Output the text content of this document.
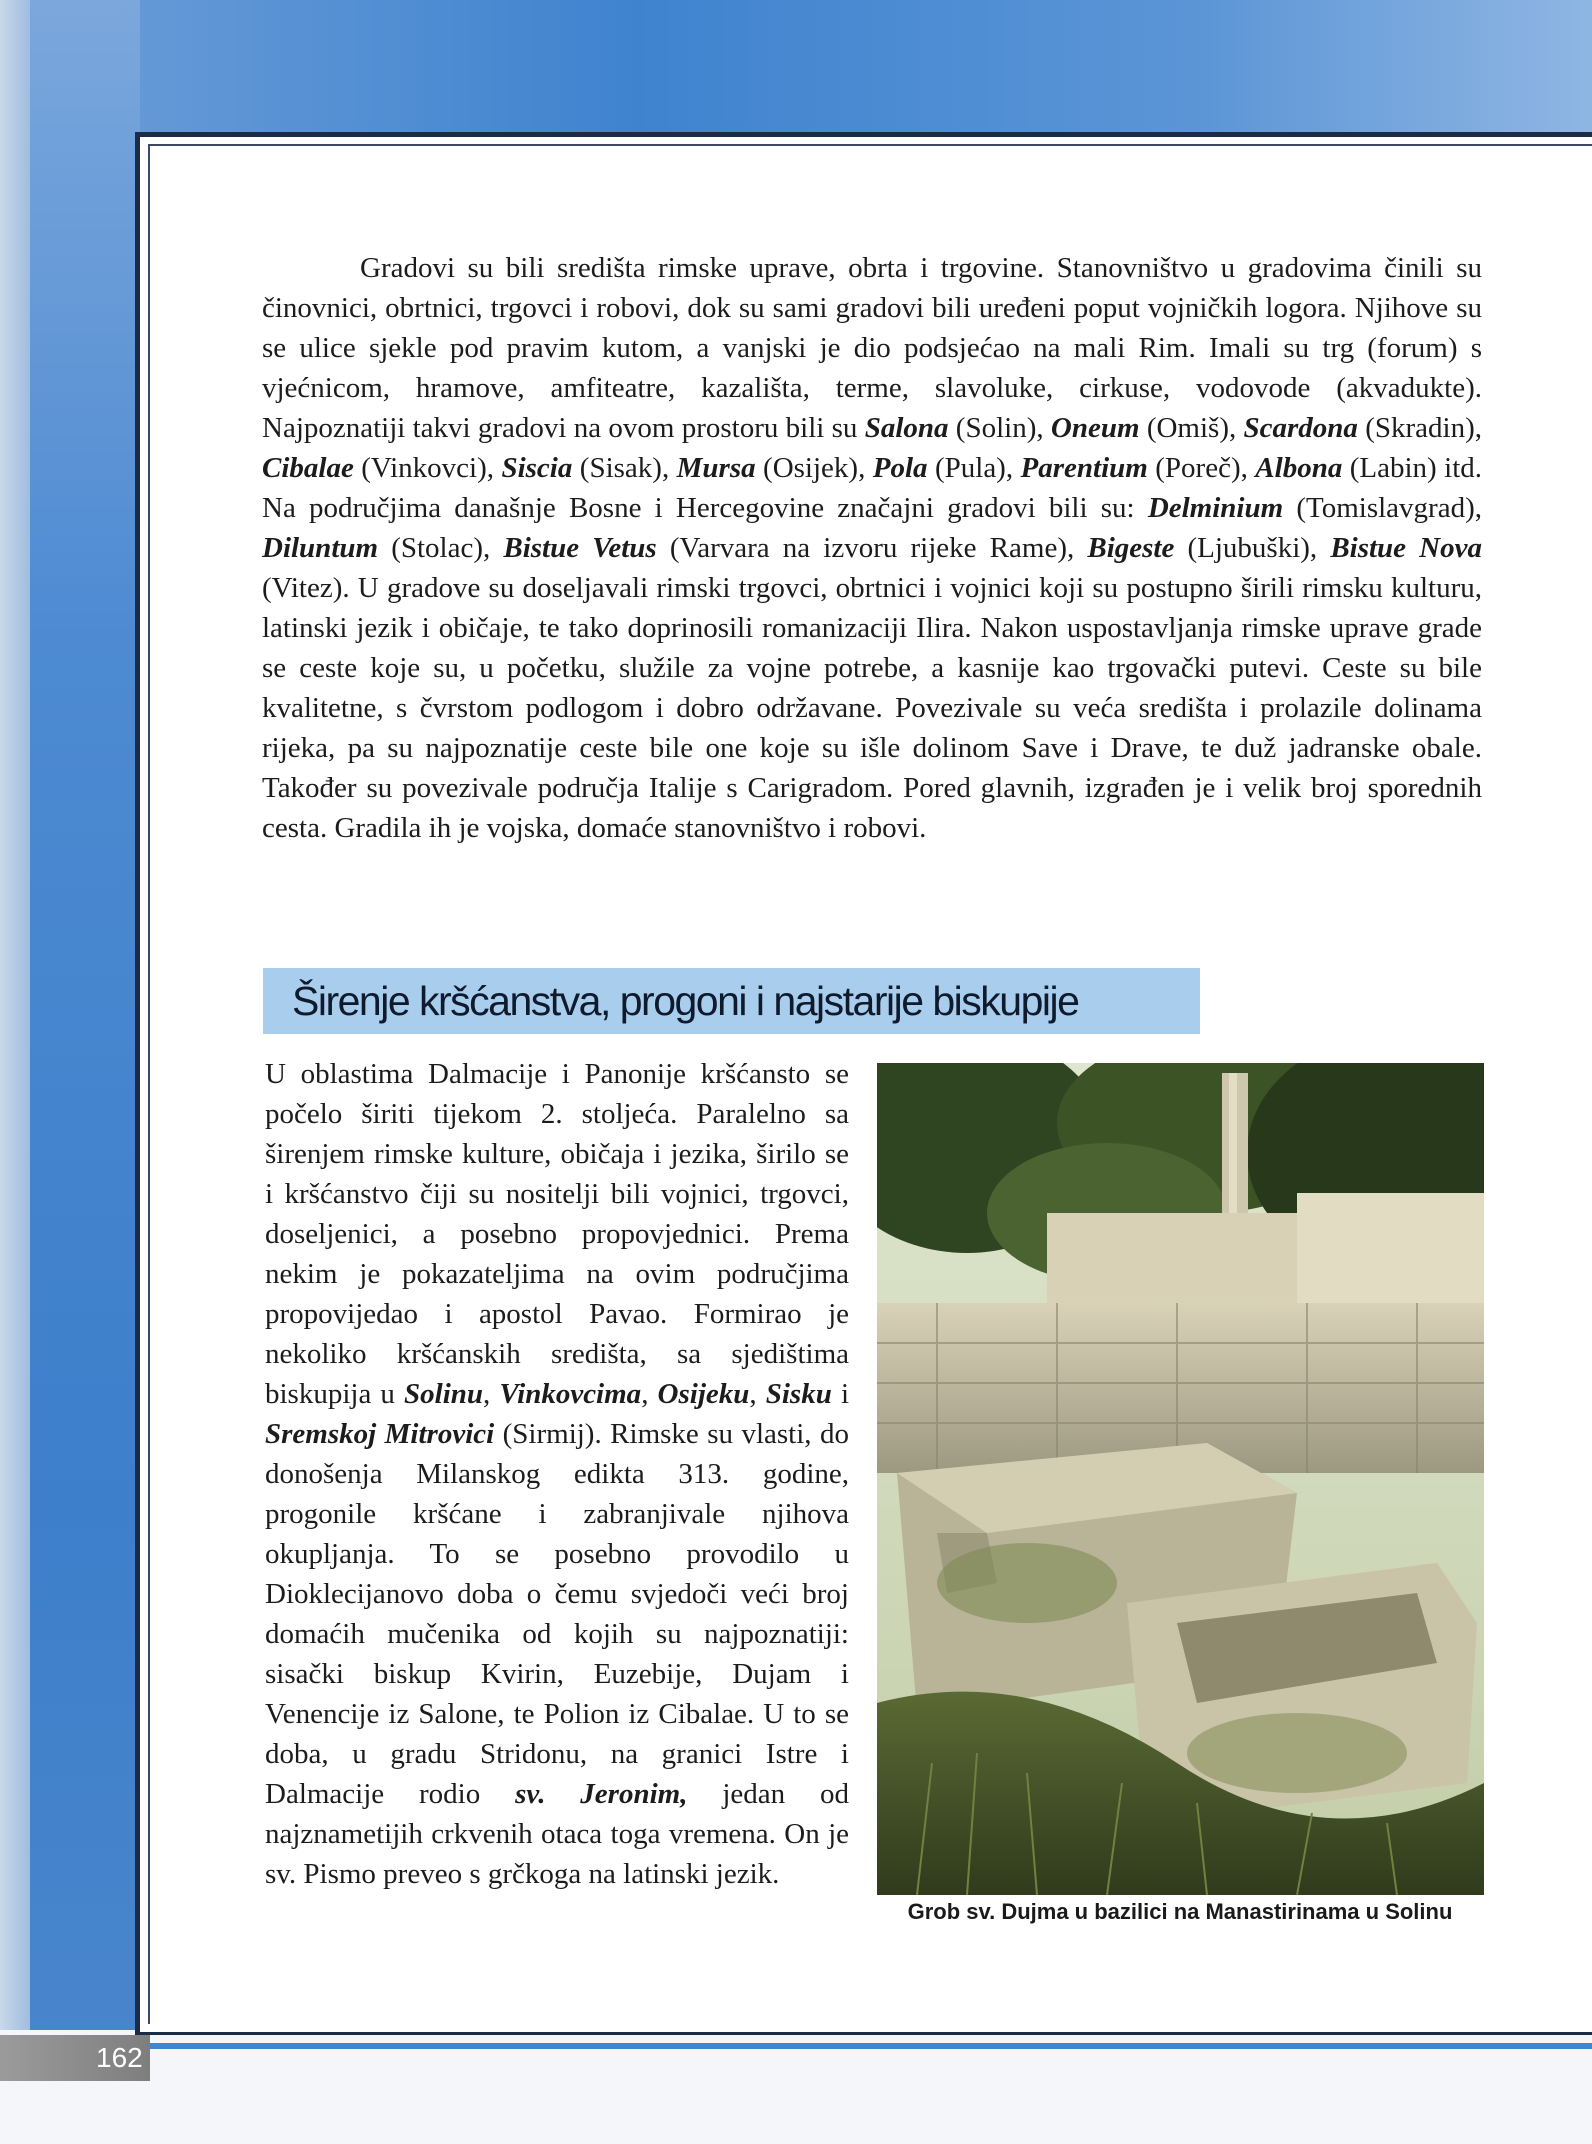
162

Gradovi su bili središta rimske uprave, obrta i trgovine. Stanovništvo u gradovima činili su činovnici, obrtnici, trgovci i robovi, dok su sami gradovi bili uređeni poput vojničkih logora. Njihove su se ulice sjekle pod pravim kutom, a vanjski je dio podsjećao na mali Rim. Imali su trg (forum) s vjećnicom, hramove, amfiteatre, kazališta, terme, slavoluke, cirkuse, vodovode (akvadukte). Najpoznatiji takvi gradovi na ovom prostoru bili su Salona (Solin), Oneum (Omiš), Scardona (Skradin), Cibalae (Vinkovci), Siscia (Sisak), Mursa (Osijek), Pola (Pula), Parentium (Poreč), Albona (Labin) itd. Na područjima današnje Bosne i Hercegovine značajni gradovi bili su: Delminium (Tomislavgrad), Diluntum (Stolac), Bistue Vetus (Varvara na izvoru rijeke Rame), Bigeste (Ljubuški), Bistue Nova (Vitez). U gradove su doseljavali rimski trgovci, obrtnici i vojnici koji su postupno širili rimsku kulturu, latinski jezik i običaje, te tako doprinosili romanizaciji Ilira. Nakon uspostavljanja rimske uprave grade se ceste koje su, u početku, služile za vojne potrebe, a kasnije kao trgovački putevi. Ceste su bile kvalitetne, s čvrstom podlogom i dobro održavane. Povezivale su veća središta i prolazile dolinama rijeka, pa su najpoznatije ceste bile one koje su išle dolinom Save i Drave, te duž jadranske obale. Također su povezivale područja Italije s Carigradom. Pored glavnih, izgrađen je i velik broj sporednih cesta. Gradila ih je vojska, domaće stanovništvo i robovi.

Širenje kršćanstva, progoni i najstarije biskupije

U oblastima Dalmacije i Panonije kršćansto se počelo širiti tijekom 2. stoljeća. Paralelno sa širenjem rimske kulture, običaja i jezika, širilo se i kršćanstvo čiji su nositelji bili vojnici, trgovci, doseljenici, a posebno propovjednici. Prema nekim je pokazateljima na ovim područjima propovijedao i apostol Pavao. Formirao je nekoliko kršćanskih središta, sa sjedištima biskupija u Solinu, Vinkovcima, Osijeku, Sisku i Sremskoj Mitrovici (Sirmij). Rimske su vlasti, do donošenja Milanskog edikta 313. godine, progonile kršćane i zabranjivale njihova okupljanja. To se posebno provodilo u Dioklecijanovo doba o čemu svjedoči veći broj domaćih mučenika od kojih su najpoznatiji: sisački biskup Kvirin, Euzebije, Dujam i Venencije iz Salone, te Polion iz Cibalae. U to se doba, u gradu Stridonu, na granici Istre i Dalmacije rodio sv. Jeronim, jedan od najznametijih crkvenih otaca toga vremena. On je sv. Pismo preveo s grčkoga na latinski jezik.

Grob sv. Dujma u bazilici na Manastirinama u Solinu
